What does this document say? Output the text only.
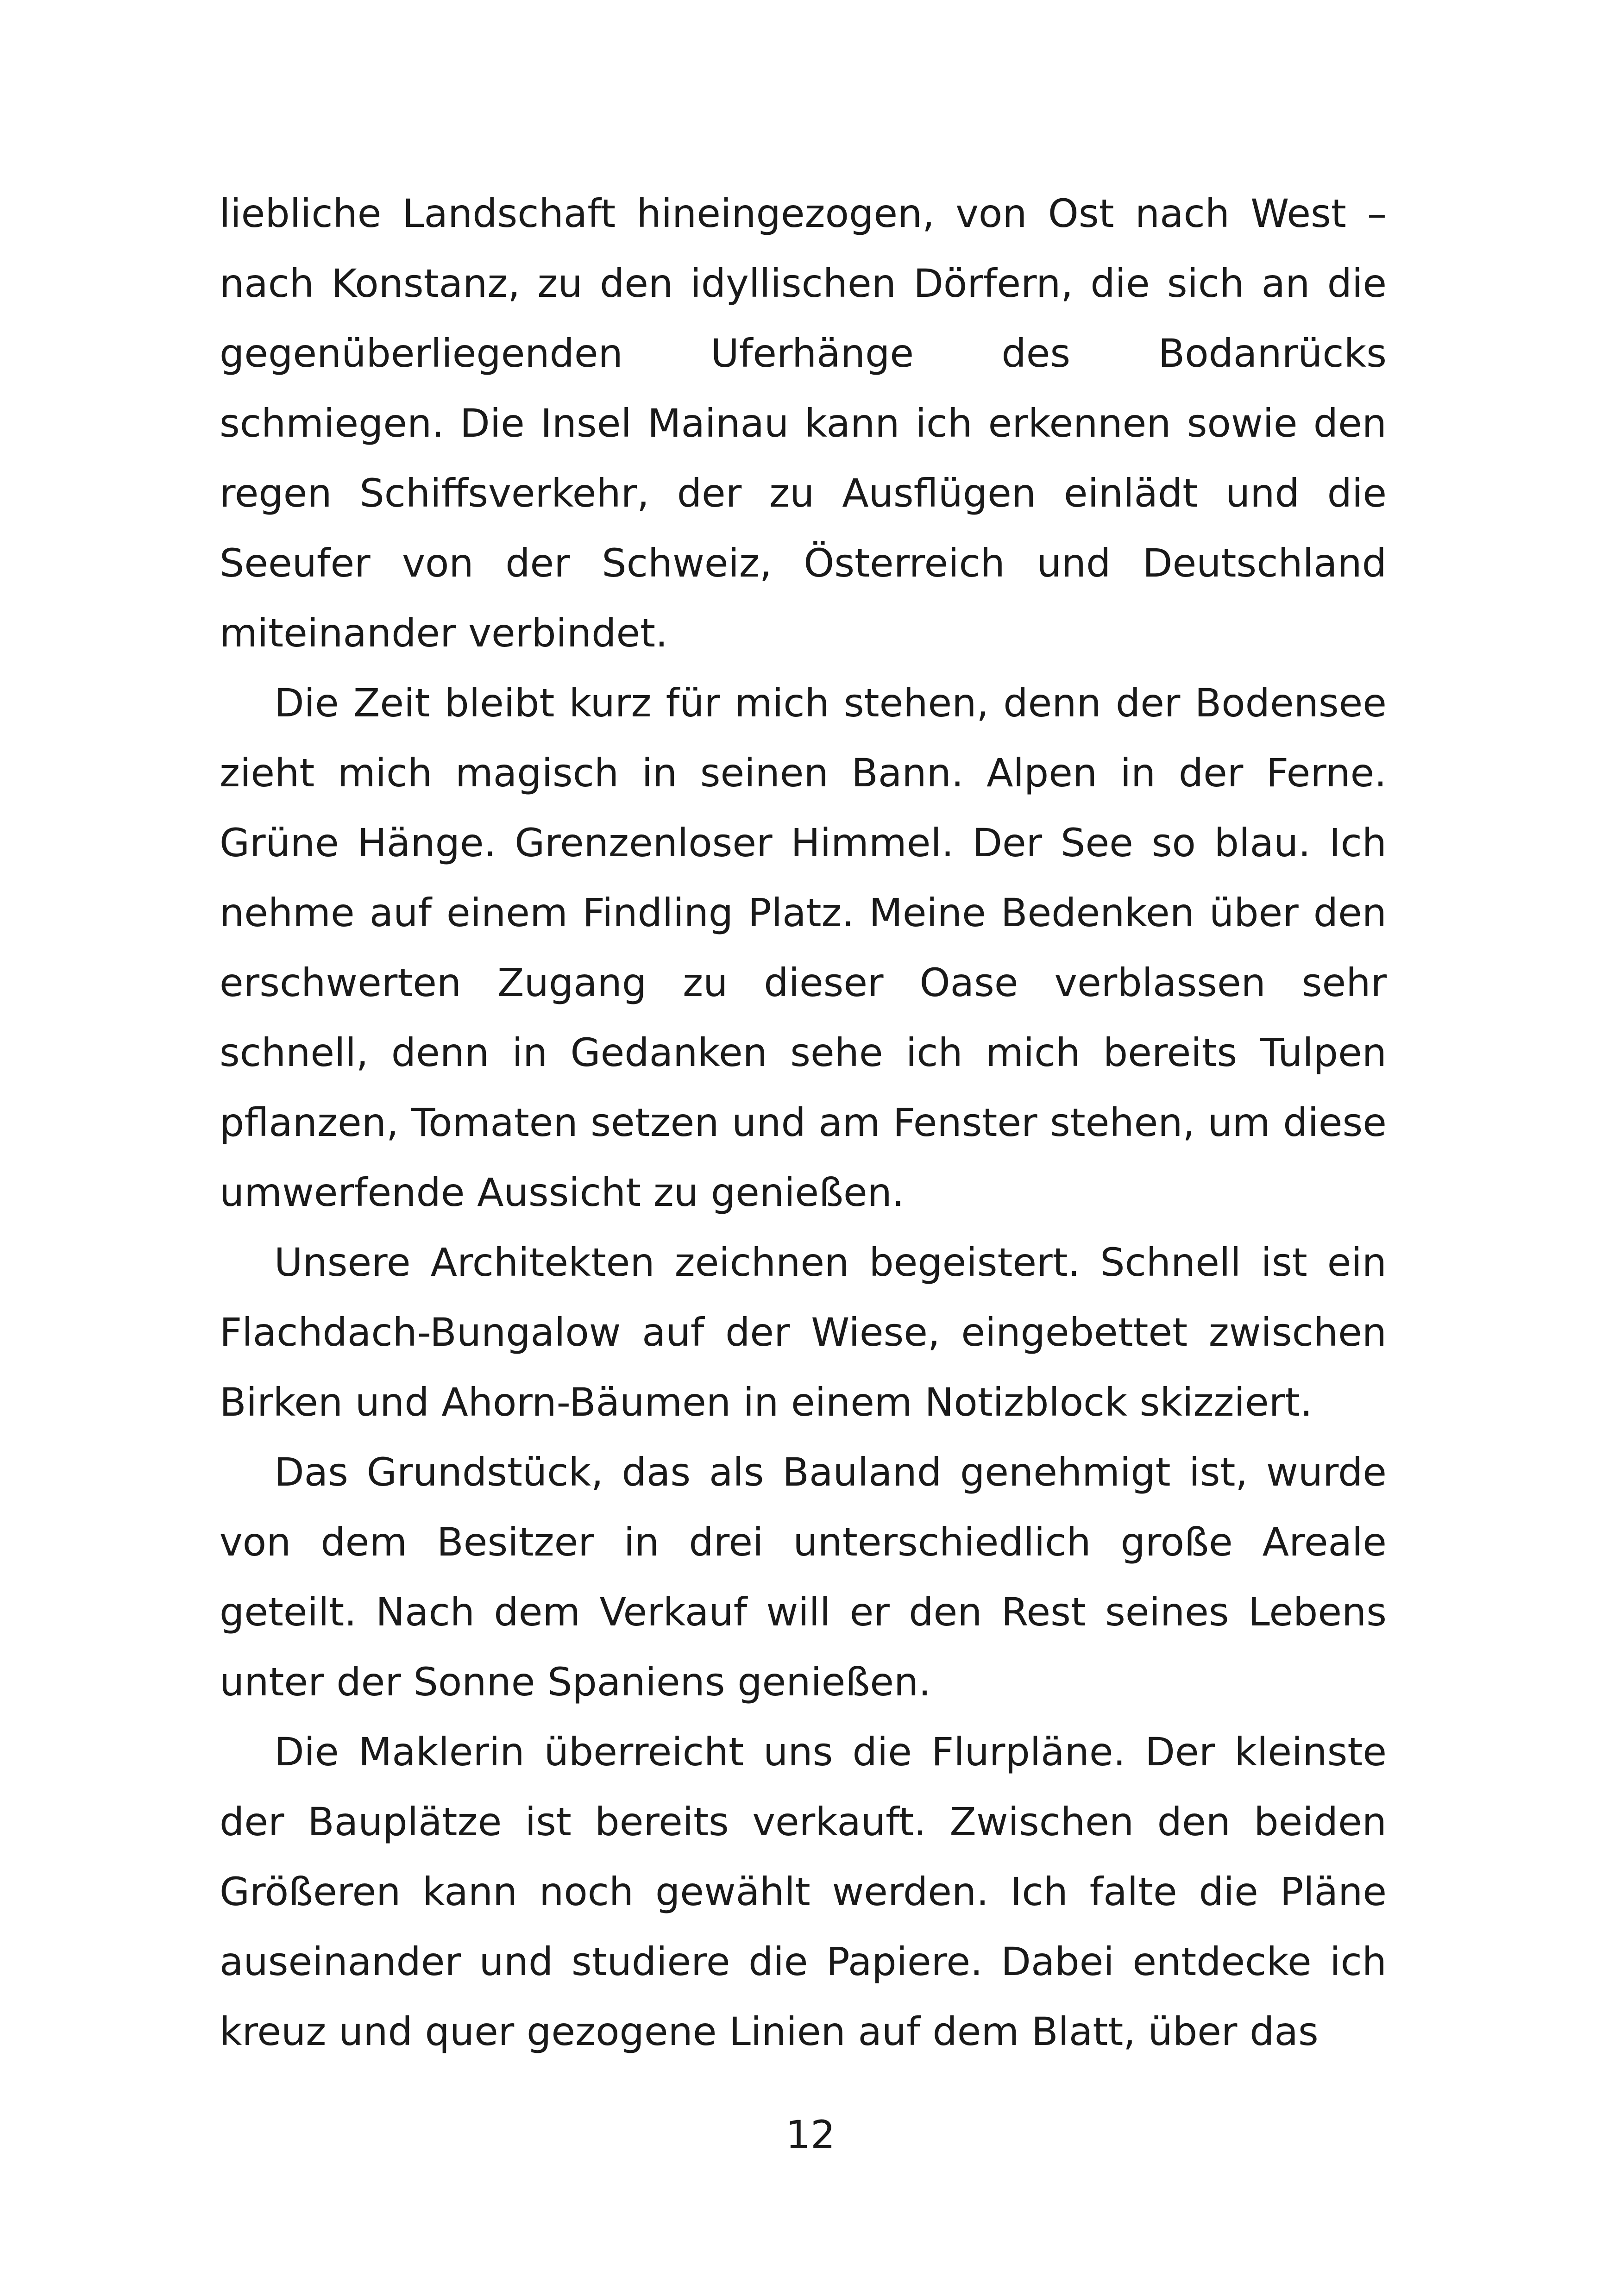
liebliche Landschaft hineingezogen, von Ost nach West – nach Konstanz, zu den idyllischen Dörfern, die sich an die gegenüberliegenden Uferhänge des Bodanrücks schmiegen. Die Insel Mainau kann ich erkennen sowie den regen Schiffsverkehr, der zu Ausflügen einlädt und die Seeufer von der Schweiz, Österreich und Deutschland miteinander verbindet.

Die Zeit bleibt kurz für mich stehen, denn der Bodensee zieht mich magisch in seinen Bann. Alpen in der Ferne. Grüne Hänge. Grenzenloser Himmel. Der See so blau. Ich nehme auf einem Findling Platz. Meine Bedenken über den erschwerten Zugang zu dieser Oase verblassen sehr schnell, denn in Gedanken sehe ich mich bereits Tulpen pflanzen, Tomaten setzen und am Fenster stehen, um diese umwerfende Aussicht zu genießen.

Unsere Architekten zeichnen begeistert. Schnell ist ein Flachdach-Bungalow auf der Wiese, eingebettet zwischen Birken und Ahorn-Bäumen in einem Notizblock skizziert.

Das Grundstück, das als Bauland genehmigt ist, wurde von dem Besitzer in drei unterschiedlich große Areale geteilt. Nach dem Verkauf will er den Rest seines Lebens unter der Sonne Spaniens genießen.

Die Maklerin überreicht uns die Flurpläne. Der kleinste der Bauplätze ist bereits verkauft. Zwischen den beiden Größeren kann noch gewählt werden. Ich falte die Pläne auseinander und studiere die Papiere. Dabei entdecke ich kreuz und quer gezogene Linien auf dem Blatt, über das

12
